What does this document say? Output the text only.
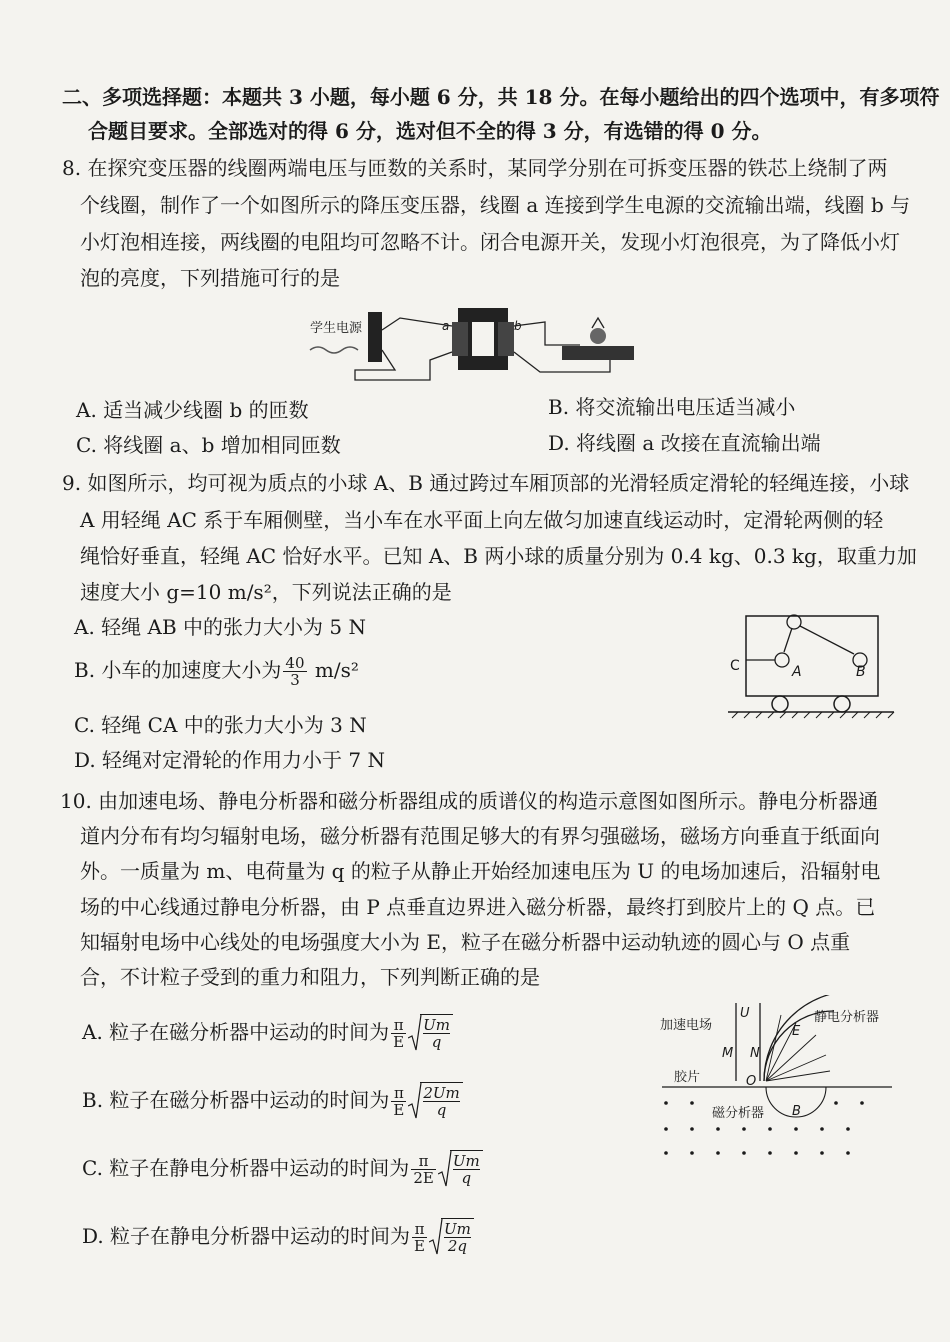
二、多项选择题：本题共 3 小题，每小题 6 分，共 18 分。在每小题给出的四个选项中，有多项符
合题目要求。全部选对的得 6 分，选对但不全的得 3 分，有选错的得 0 分。
8. 在探究变压器的线圈两端电压与匝数的关系时，某同学分别在可拆变压器的铁芯上绕制了两
个线圈，制作了一个如图所示的降压变压器，线圈 a 连接到学生电源的交流输出端，线圈 b 与
小灯泡相连接，两线圈的电阻均可忽略不计。闭合电源开关，发现小灯泡很亮，为了降低小灯
泡的亮度，下列措施可行的是
学生电源	a	b
A. 适当减少线圈 b 的匝数	B. 将交流输出电压适当减小
C. 将线圈 a、b 增加相同匝数	D. 将线圈 a 改接在直流输出端
9. 如图所示，均可视为质点的小球 A、B 通过跨过车厢顶部的光滑轻质定滑轮的轻绳连接，小球
A 用轻绳 AC 系于车厢侧壁，当小车在水平面上向左做匀加速直线运动时，定滑轮两侧的轻
绳恰好垂直，轻绳 AC 恰好水平。已知 A、B 两小球的质量分别为 0.4 kg、0.3 kg，取重力加
速度大小 g=10 m/s²，下列说法正确的是
A. 轻绳 AB 中的张力大小为 5 N
B. 小车的加速度大小为 $\frac{40}{3} m/s^2$
C. 轻绳 CA 中的张力大小为 3 N
D. 轻绳对定滑轮的作用力小于 7 N
C	A	B
10. 由加速电场、静电分析器和磁分析器组成的质谱仪的构造示意图如图所示。静电分析器通
道内分布有均匀辐射电场，磁分析器有范围足够大的有界匀强磁场，磁场方向垂直于纸面向
外。一质量为 m、电荷量为 q 的粒子从静止开始经加速电压为 U 的电场加速后，沿辐射电
场的中心线通过静电分析器，由 P 点垂直边界进入磁分析器，最终打到胶片上的 Q 点。已
知辐射电场中心线处的电场强度大小为 E，粒子在磁分析器中运动轨迹的圆心与 O 点重
合，不计粒子受到的重力和阻力，下列判断正确的是
A. 粒子在磁分析器中运动的时间为 $\frac{\pi}{E} \frac{Um}{q}$
B. 粒子在磁分析器中运动的时间为 $\frac{\pi}{E} \frac{2Um}{q}$
C. 粒子在静电分析器中运动的时间为 $\frac{\pi}{2E} \frac{Um}{q}$
D. 粒子在静电分析器中运动的时间为 $\frac{\pi}{E} \frac{Um}{2q}$
加速电场
U
M N
E
静电分析器
胶片	O
磁分析器 B
